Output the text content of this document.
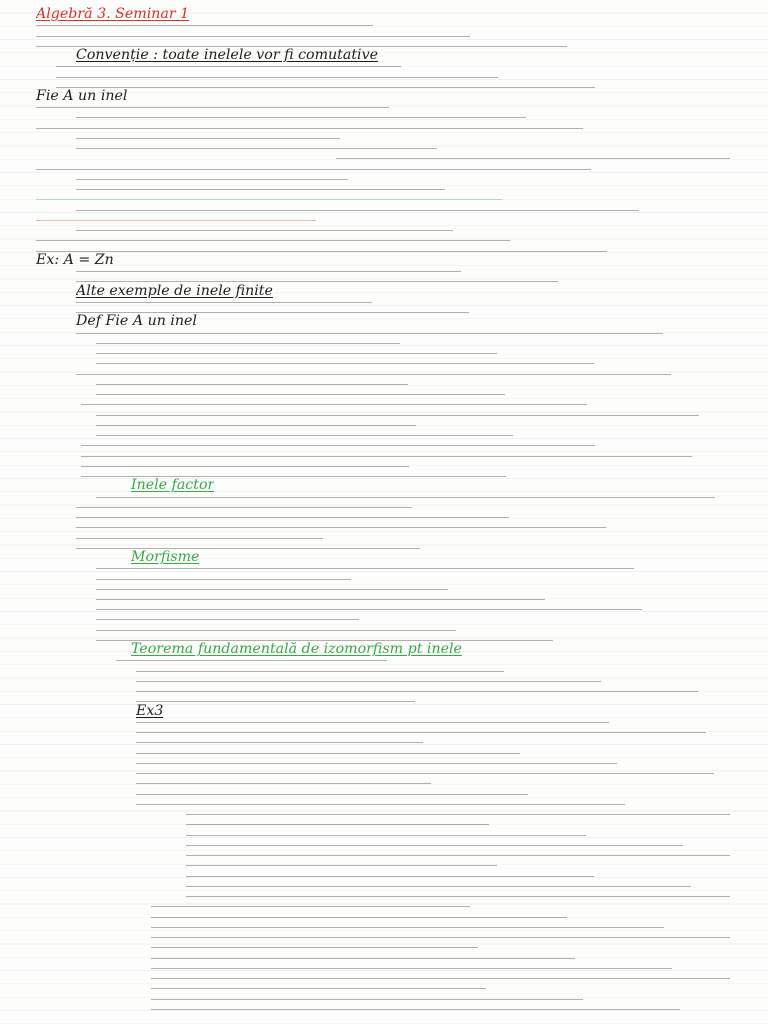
Algebră 3. Seminar 1
Convenție : toate inelele vor fi comutative
Fie A un inel
Ex: A = Zn
Alte exemple de inele finite
Def Fie A un inel
Inele factor
Morfisme
Teorema fundamentală de izomorfism pt inele
Ex3
